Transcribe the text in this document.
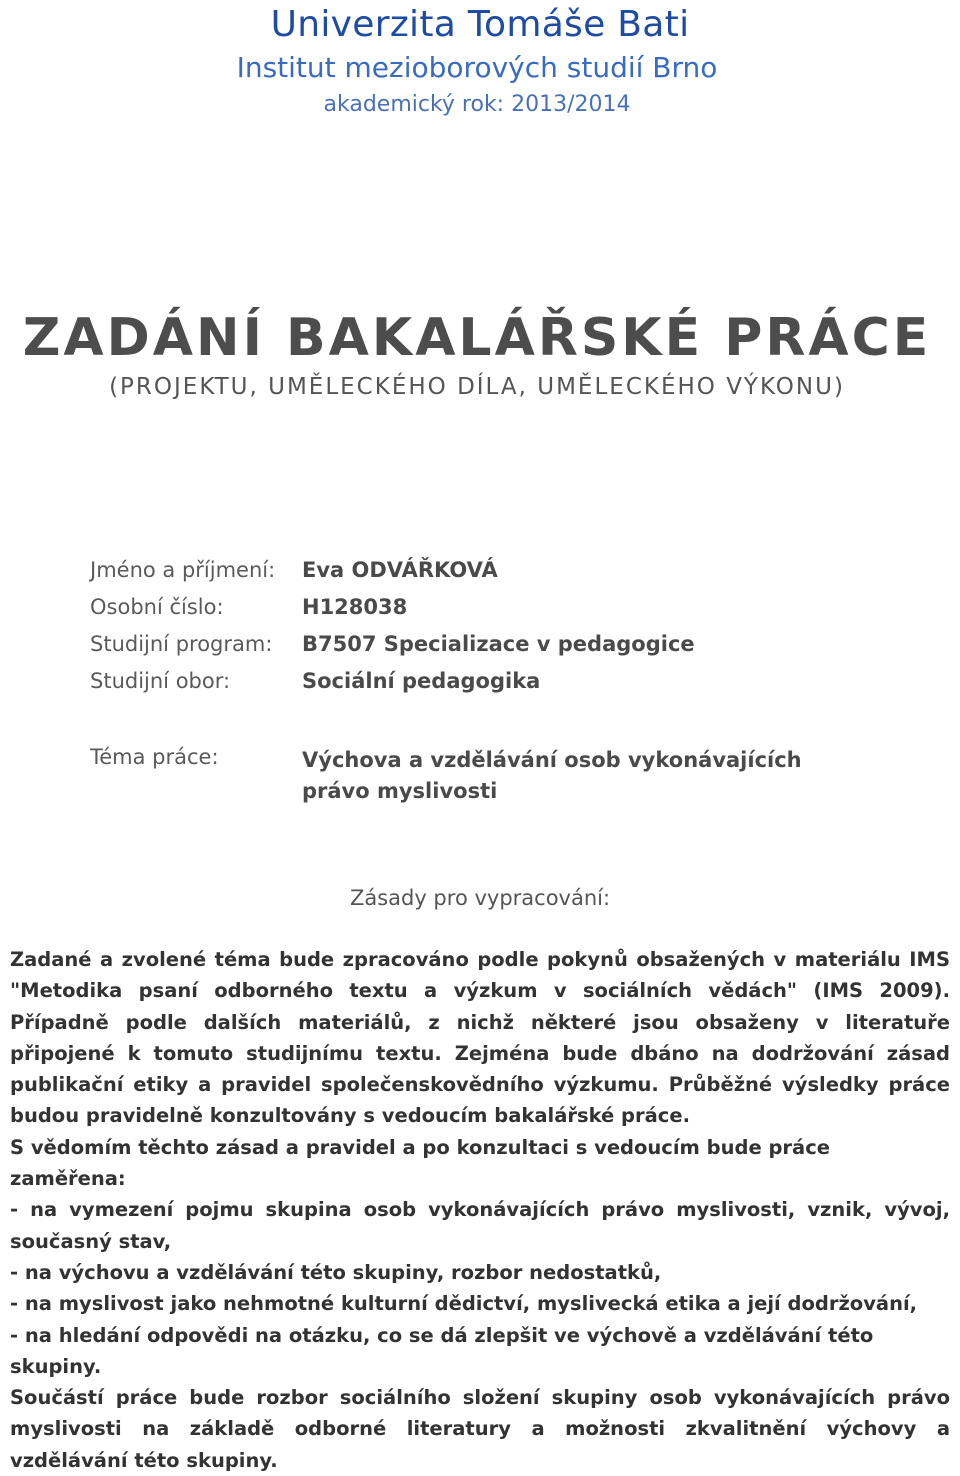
Univerzita Tomáše Bati
Institut mezioborových studií Brno
akademický rok: 2013/2014
ZADÁNÍ BAKALÁŘSKÉ PRÁCE
(PROJEKTU, UMĚLECKÉHO DÍLA, UMĚLECKÉHO VÝKONU)
Jméno a příjmení:	Eva ODVÁŘKOVÁ
Osobní číslo:	H128038
Studijní program:	B7507 Specializace v pedagogice
Studijní obor:	Sociální pedagogika
Téma práce:	Výchova a vzdělávání osob vykonávajících právo myslivosti
Zásady pro vypracování:

Zadané a zvolené téma bude zpracováno podle pokynů obsažených v materiálu IMS "Metodika psaní odborného textu a výzkum v sociálních vědách" (IMS 2009). Případně podle dalších materiálů, z nichž některé jsou obsaženy v literatuře připojené k tomuto studijnímu textu. Zejména bude dbáno na dodržování zásad publikační etiky a pravidel společenskovědního výzkumu. Průběžné výsledky práce budou pravidelně konzultovány s vedoucím bakalářské práce.

S vědomím těchto zásad a pravidel a po konzultaci s vedoucím bude práce zaměřena:

- na vymezení pojmu skupina osob vykonávajících právo myslivosti, vznik, vývoj, současný stav,

- na výchovu a vzdělávání této skupiny, rozbor nedostatků,

- na myslivost jako nehmotné kulturní dědictví, myslivecká etika a její dodržování,

- na hledání odpovědi na otázku, co se dá zlepšit ve výchově a vzdělávání této skupiny.

Součástí práce bude rozbor sociálního složení skupiny osob vykonávajících právo myslivosti na základě odborné literatury a možnosti zkvalitnění výchovy a vzdělávání této skupiny.
